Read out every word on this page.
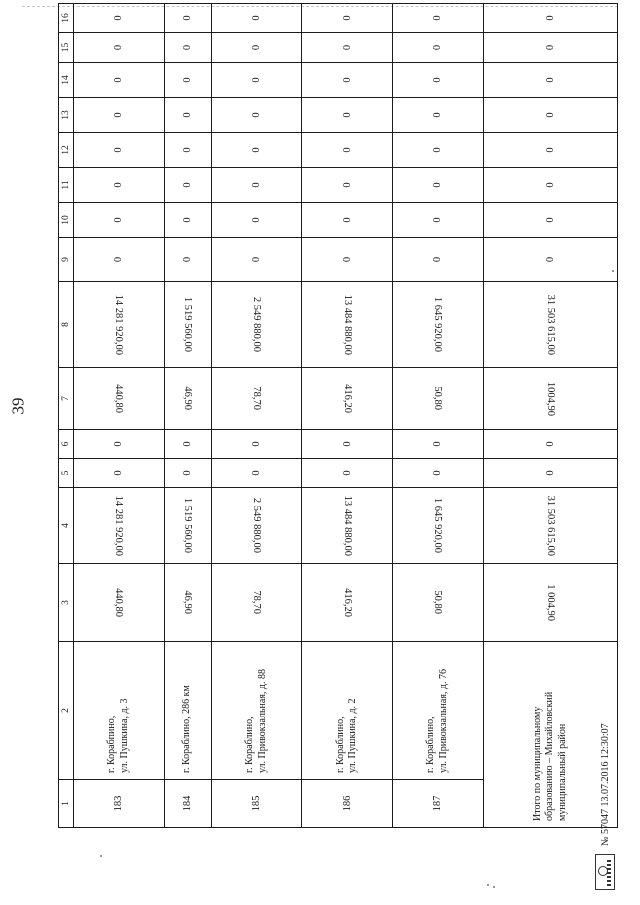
39
1	2	3	4	5	6	7	8	9	10	11	12	13	14	15	16
183	г. Корабпино, ул. Пушкина, д. 3	440,80	14 281 920,00	0	0	440,80	14 281 920,00	0	0	0	0	0	0	0	0
184	г. Кораблино, 286 км	46,90	1 519 560,00	0	0	46,90	1 519 560,00	0	0	0	0	0	0	0	0
185	г. Кораблино, ул. Привокзальная, д. 88	78,70	2 549 880,00	0	0	78,70	2 549 880,00	0	0	0	0	0	0	0	0
186	г. Кораблино, ул. Пушкина, д. 2	416,20	13 484 880,00	0	0	416,20	13 484 880,00	0	0	0	0	0	0	0	0
187	г. Кораблино, ул. Привокзальная, д. 76	50,80	1 645 920,00	0	0	50,80	1 645 920,00	0	0	0	0	0	0	0	0
Итого по муниципальному образованию – Михайловский муниципальный район		1 004,90	31 503 615,00	0	0	1004,90	31 503 615,00	0	0	0	0	0	0	0	0
№ 57047 13.07.2016 12:30:07
